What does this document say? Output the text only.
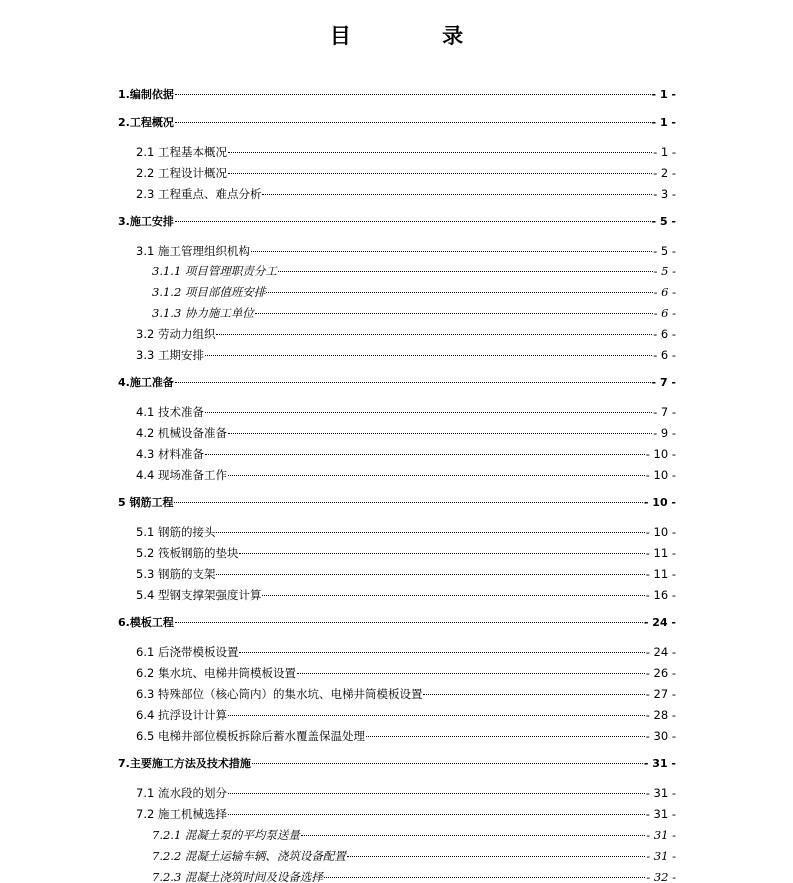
目 录
1.编制依据	- 1 -
2.工程概况	- 1 -
2.1 工程基本概况	- 1 -
2.2 工程设计概况	- 2 -
2.3 工程重点、难点分析	- 3 -
3.施工安排	- 5 -
3.1 施工管理组织机构	- 5 -
3.1.1 项目管理职责分工	- 5 -
3.1.2 项目部值班安排	- 6 -
3.1.3 协力施工单位	- 6 -
3.2 劳动力组织	- 6 -
3.3 工期安排	- 6 -
4.施工准备	- 7 -
4.1 技术准备	- 7 -
4.2 机械设备准备	- 9 -
4.3 材料准备	- 10 -
4.4 现场准备工作	- 10 -
5 钢筋工程	- 10 -
5.1 钢筋的接头	- 10 -
5.2 筏板钢筋的垫块	- 11 -
5.3 钢筋的支架	- 11 -
5.4 型钢支撑架强度计算	- 16 -
6.模板工程	- 24 -
6.1 后浇带模板设置	- 24 -
6.2 集水坑、电梯井筒模板设置	- 26 -
6.3 特殊部位（核心筒内）的集水坑、电梯井筒模板设置	- 27 -
6.4 抗浮设计计算	- 28 -
6.5 电梯井部位模板拆除后蓄水覆盖保温处理	- 30 -
7.主要施工方法及技术措施	- 31 -
7.1 流水段的划分	- 31 -
7.2 施工机械选择	- 31 -
7.2.1 混凝土泵的平均泵送量	- 31 -
7.2.2 混凝土运输车辆、浇筑设备配置	- 31 -
7.2.3 混凝土浇筑时间及设备选择	- 32 -
